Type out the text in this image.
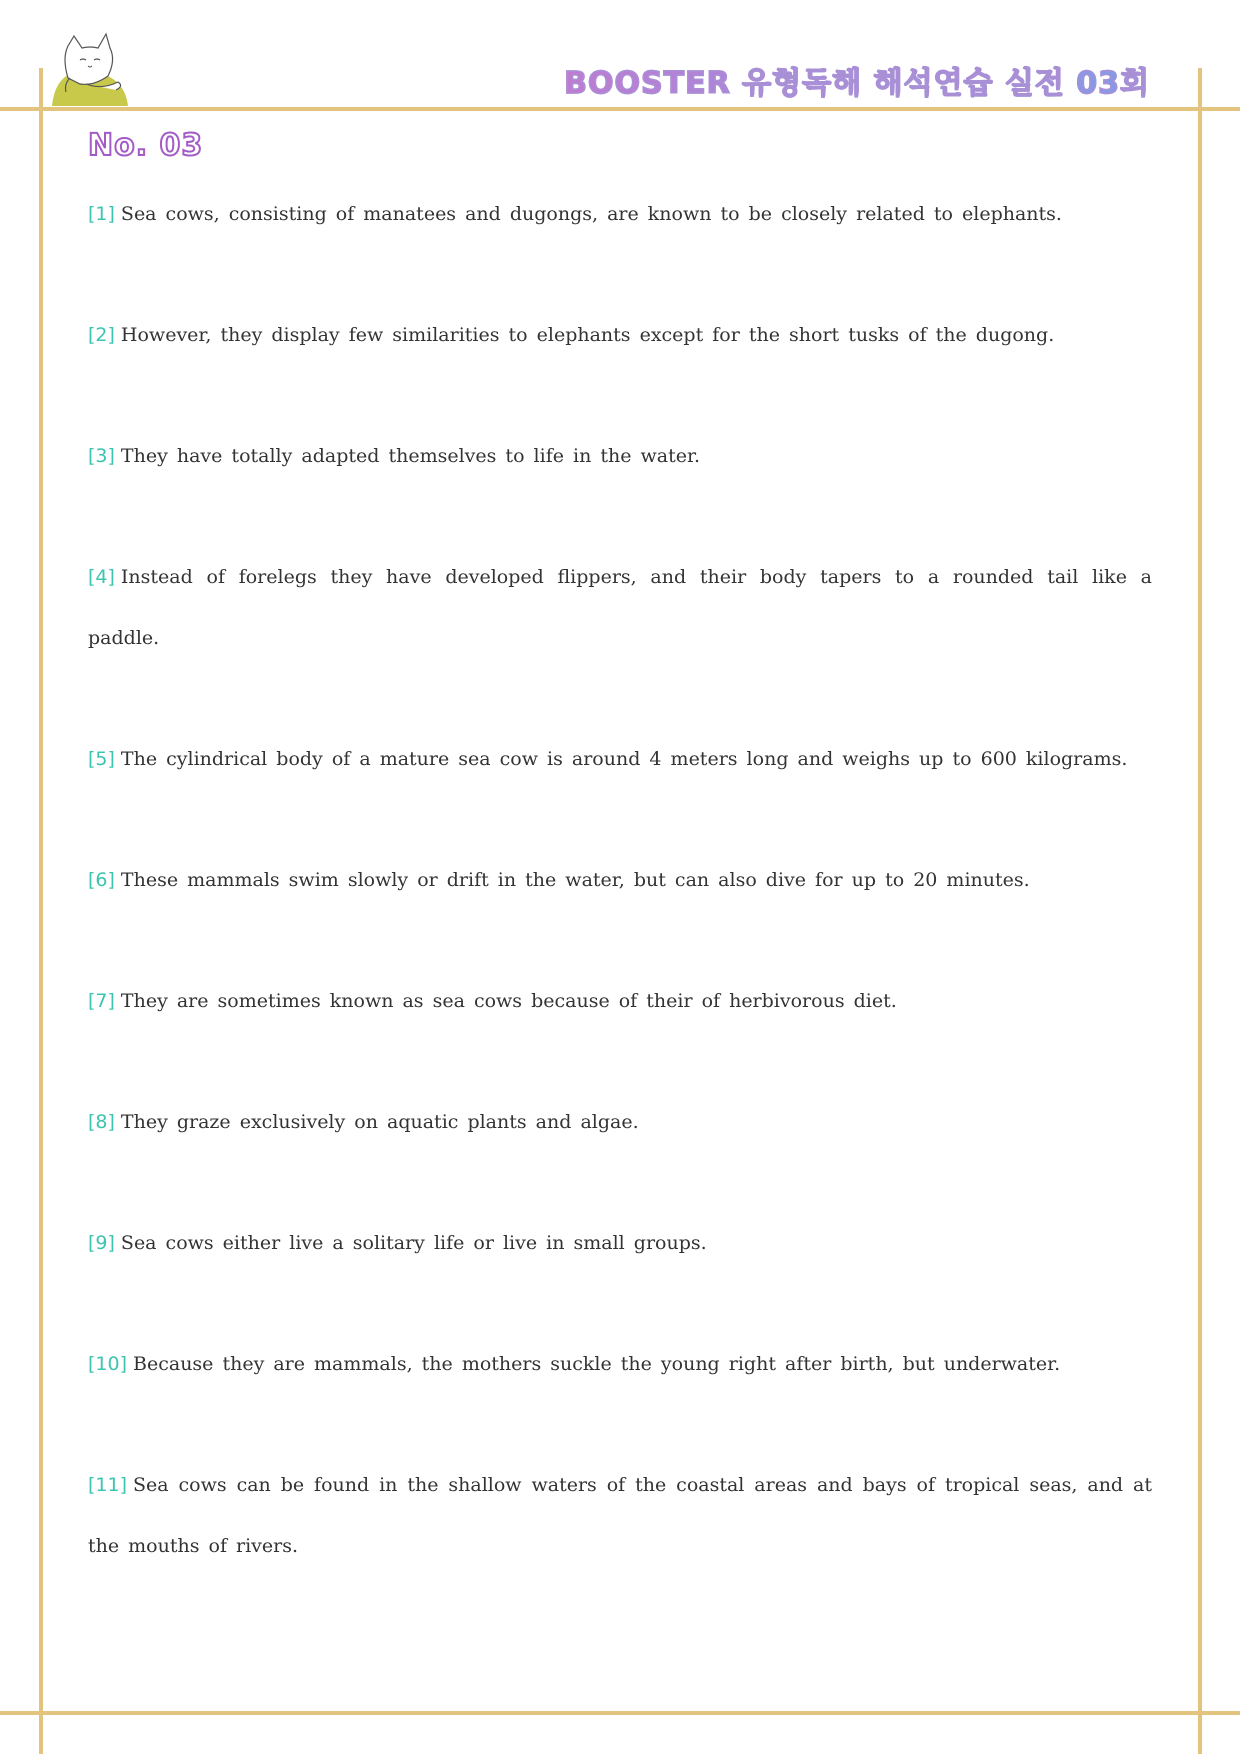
BOOSTER 유형독해 해석연습 실전 03회
No. 03

[1] Sea cows, consisting of manatees and dugongs, are known to be closely related to elephants.

[2] However, they display few similarities to elephants except for the short tusks of the dugong.

[3] They have totally adapted themselves to life in the water.

[4] Instead of forelegs they have developed flippers, and their body tapers to a rounded tail like a paddle.

[5] The cylindrical body of a mature sea cow is around 4 meters long and weighs up to 600 kilograms.

[6] These mammals swim slowly or drift in the water, but can also dive for up to 20 minutes.

[7] They are sometimes known as sea cows because of their of herbivorous diet.

[8] They graze exclusively on aquatic plants and algae.

[9] Sea cows either live a solitary life or live in small groups.

[10] Because they are mammals, the mothers suckle the young right after birth, but underwater.

[11] Sea cows can be found in the shallow waters of the coastal areas and bays of tropical seas, and at the mouths of rivers.
